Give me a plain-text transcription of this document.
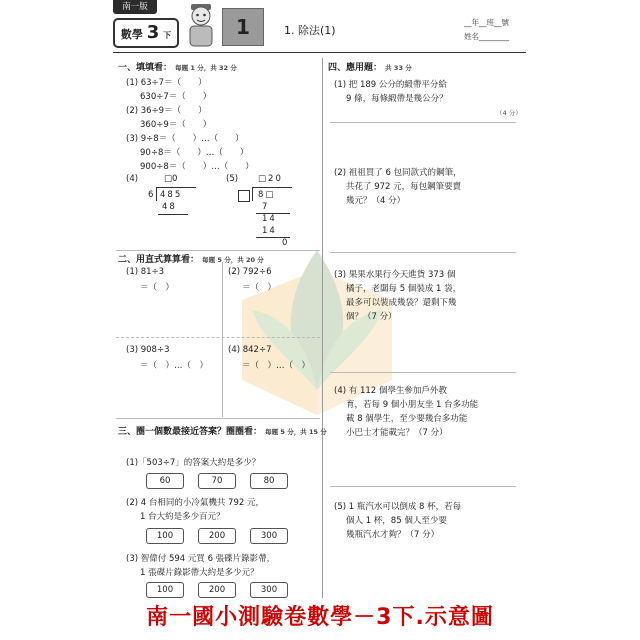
南一版
數學 3 下	1	1. 除法(1)
__年__班__號
姓名________
一、填填看： 每題 1 分，共 32 分
(1) 63÷7＝（　　）
630÷7＝（　　）
(2) 36÷9＝（　　）
360÷9＝（　　）
(3) 9÷8＝（　　）…（　　）
90÷8＝（　　）…（　　）
900÷8＝（　　）…（　　）
(4)	(5)
□0
6 485
48
□20
8□
7
14
14
0
二、用直式算算看： 每題 5 分，共 20 分
(1) 81÷3
＝（　）
(2) 792÷6
＝（　）
(3) 908÷3
＝（　）…（　）
(4) 842÷7
＝（　）…（　）
三、圈一個數最接近答案？圈圈看： 每題 5 分，共 15 分
(1)「503÷7」的答案大約是多少？
60	70	80
(2) 4 台相同的小冷氣機共 792 元，
1 台大約是多少百元？
100	200	300
(3) 智偉付 594 元買 6 張碟片錄影帶，
1 張碟片錄影帶大約是多少元？
100	200	300
四、應用題： 共 33 分
(1) 把 189 公分的緞帶平分給
9 條，每條緞帶是幾公分？
（4 分）
(2) 祖祖買了 6 包同款式的鋼筆，
共花了 972 元，每包鋼筆要賣
幾元？（4 分）
(3) 果果水果行今天進貨 373 個
橘子，老闆每 5 個裝成 1 袋，
最多可以裝成幾袋？還剩下幾
個？（7 分）
(4) 有 112 個學生參加戶外教
育，若每 9 個小朋友坐 1 台多功能
載 8 個學生，至少要幾台多功能
小巴士才能載完？（7 分）
(5) 1 瓶汽水可以倒成 8 杯，若每
個人 1 杯，85 個人至少要
幾瓶汽水才夠？（7 分）
南一國小測驗卷數學－3下.示意圖
